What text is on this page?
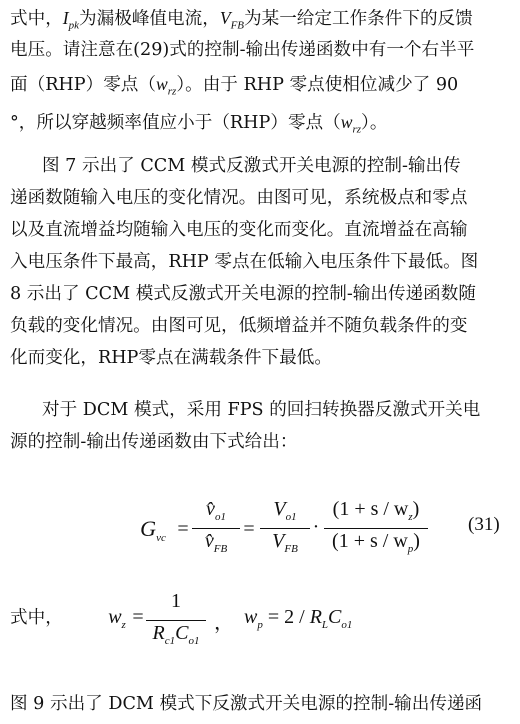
式中，$I_{pk}$为漏极峰值电流，$V_{FB}$为某一给定工作条件下的反馈
电压。请注意在(29)式的控制-输出传递函数中有一个右半平
面（RHP）零点$(w_{rz})$。由于 RHP 零点使相位减少了 90
°，所以穿越频率值应小于（RHP）零点$(w_{rz})$。
图 7 示出了 CCM 模式反激式开关电源的控制-输出传
递函数随输入电压的变化情况。由图可见，系统极点和零点
以及直流增益均随输入电压的变化而变化。直流增益在高输
入电压条件下最高，RHP 零点在低输入电压条件下最低。图
8 示出了 CCM 模式反激式开关电源的控制-输出传递函数随
负载的变化情况。由图可见，低频增益并不随负载条件的变
化而变化，RHP零点在满载条件下最低。
对于 DCM 模式，采用 FPS 的回扫转换器反激式开关电
源的控制-输出传递函数由下式给出：
$G_{vc}$ =
$v̂_{o1}$
$v̂_{FB}$
=
$V_{o1}$
$V_{FB}$
·
$(1 + s / w_z)$
$(1 + s / w_p)$
(31)
式中，	$w_z$ =
1
$R_{c1}C_{o1}$
， $w_p = 2 / R_LC_{o1}$
图 9 示出了 DCM 模式下反激式开关电源的控制-输出传递函
